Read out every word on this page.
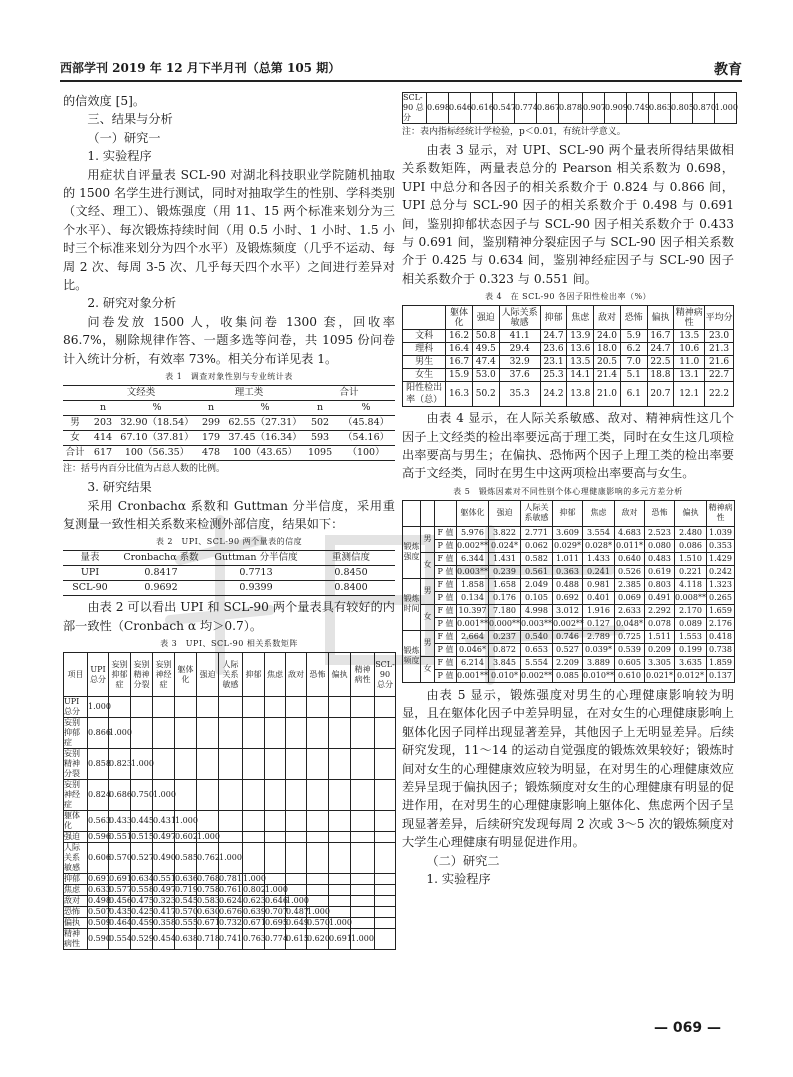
西部学刊 2019 年 12 月下半月刊（总第 105 期）	教育
的信效度 [5]。
三、结果与分析
（一）研究一
1. 实验程序
用症状自评量表 SCL-90 对湖北科技职业学院随机抽取的 1500 名学生进行测试，同时对抽取学生的性别、学科类别（文经、理工）、锻炼强度（用 11、15 两个标准来划分为三个水平）、每次锻炼持续时间（用 0.5 小时、1 小时、1.5 小时三个标准来划分为四个水平）及锻炼频度（几乎不运动、每周 2 次、每周 3-5 次、几乎每天四个水平）之间进行差异对比。
2. 研究对象分析
问卷发放 1500 人，收集问卷 1300 套，回收率 86.7%，剔除规律作答、一题多选等问卷，共 1095 份问卷计入统计分析，有效率 73%。相关分布详见表 1。
表 1　调查对象性别与专业统计表
	文经类		理工类		合计	
	n	%	n	%	n	%
男	203	32.90（18.54）	299	62.55（27.31）	502	（45.84）
女	414	67.10（37.81）	179	37.45（16.34）	593	（54.16）
合计	617	100（56.35）	478	100（43.65）	1095	（100）
注：括号内百分比值为占总人数的比例。
3. 研究结果
采用 Cronbachα 系数和 Guttman 分半信度，采用重复测量一致性相关系数来检测外部信度，结果如下：
表 2　UPI、SCL-90 两个量表的信度
量表	Cronbachα 系数	Guttman 分半信度	重测信度
UPI	0.8417	0.7713	0.8450
SCL-90	0.9692	0.9399	0.8400
由表 2 可以看出 UPI 和 SCL-90 两个量表具有较好的内部一致性（Cronbach α 均＞0.7）。
表 3　UPI、SCL-90 相关系数矩阵
项目	UPI 总分	妄别抑郁症	妄别精神分裂	妄别神经症	躯体化	强迫	人际关系敏感	抑郁	焦虑	敌对	恐怖	偏执	精神病性	SCL-90 总分
UPI 总分	1.000													
妄别抑郁症	0.866	1.000												
妄别精神分裂	0.858	0.823	1.000											
妄别神经症	0.824	0.686	0.750	1.000										
躯体化	0.563	0.433	0.445	0.431	1.000									
强迫	0.596	0.551	0.515	0.497	0.602	1.000								
人际关系敏感	0.606	0.570	0.527	0.490	0.585	0.762	1.000							
抑郁	0.691	0.691	0.634	0.551	0.636	0.768	0.781	1.000						
焦虑	0.633	0.577	0.558	0.497	0.719	0.758	0.761	0.802	1.000					
敌对	0.498	0.456	0.475	0.323	0.545	0.583	0.624	0.623	0.646	1.000				
恐怖	0.507	0.435	0.425	0.417	0.570	0.630	0.676	0.639	0.707	0.487	1.000			
偏执	0.509	0.464	0.459	0.358	0.555	0.671	0.732	0.671	0.695	0.649	0.570	1.000		
精神病性	0.590	0.554	0.529	0.454	0.638	0.718	0.741	0.763	0.774	0.615	0.620	0.691	1.000	
SCL-90 总分	0.698	0.646	0.616	0.547	0.774	0.867	0.878	0.907	0.909	0.749	0.863	0.805	0.870	1.000
注：表内指标经统计学检验，p＜0.01，有统计学意义。
由表 3 显示，对 UPI、SCL-90 两个量表所得结果做相关系数矩阵，两量表总分的 Pearson 相关系数为 0.698，UPI 中总分和各因子的相关系数介于 0.824 与 0.866 间，UPI 总分与 SCL-90 因子的相关系数介于 0.498 与 0.691 间，鉴别抑郁状态因子与 SCL-90 因子相关系数介于 0.433 与 0.691 间，鉴别精神分裂症因子与 SCL-90 因子相关系数介于 0.425 与 0.634 间，鉴别神经症因子与 SCL-90 因子相关系数介于 0.323 与 0.551 间。
表 4　在 SCL-90 各因子阳性检出率（%）
	躯体化	强迫	人际关系敏感	抑郁	焦虑	敌对	恐怖	偏执	精神病性	平均分
文科	16.2	50.8	41.1	24.7	13.9	24.0	5.9	16.7	13.5	23.0
理科	16.4	49.5	29.4	23.6	13.6	18.0	6.2	24.7	10.6	21.3
男生	16.7	47.4	32.9	23.1	13.5	20.5	7.0	22.5	11.0	21.6
女生	15.9	53.0	37.6	25.3	14.1	21.4	5.1	18.8	13.1	22.7
阳性检出率（总）	16.3	50.2	35.3	24.2	13.8	21.0	6.1	20.7	12.1	22.2
由表 4 显示，在人际关系敏感、敌对、精神病性这几个因子上文经类的检出率要远高于理工类，同时在女生这几项检出率要高与男生；在偏执、恐怖两个因子上理工类的检出率要高于文经类，同时在男生中这两项检出率要高与女生。
表 5　锻炼因素对不同性别个体心理健康影响的多元方差分析
			躯体化	强迫	人际关系敏感	抑郁	焦虑	敌对	恐怖	偏执	精神病性
锻炼强度	男	F 值	5.976	3.822	2.771	3.609	3.554	4.683	2.523	2.480	1.039
		P 值	0.002**	0.024*	0.062	0.029*	0.028*	0.011*	0.080	0.086	0.353
	女	F 值	6.344	1.431	0.582	1.011	1.433	0.640	0.483	1.510	1.429
		P 值	0.003**	0.239	0.561	0.363	0.241	0.526	0.619	0.221	0.242
锻炼时间	男	F 值	1.858	1.658	2.049	0.488	0.981	2.385	0.803	4.118	1.323
		P 值	0.134	0.176	0.105	0.692	0.401	0.069	0.491	0.008**	0.265
	女	F 值	10.397	7.180	4.998	3.012	1.916	2.633	2.292	2.170	1.659
		P 值	0.001**	0.000**	0.003**	0.002**	0.127	0.048*	0.078	0.089	2.176
锻炼频度	男	F 值	2.664	0.237	0.540	0.746	2.789	0.725	1.511	1.553	0.418
		P 值	0.046*	0.872	0.653	0.527	0.039*	0.539	0.209	0.199	0.738
	女	F 值	6.214	3.845	5.554	2.209	3.889	0.605	3.305	3.635	1.859
		P 值	0.001**	0.010*	0.002**	0.085	0.010**	0.610	0.021*	0.012*	0.137
由表 5 显示，锻炼强度对男生的心理健康影响较为明显，且在躯体化因子中差异明显，在对女生的心理健康影响上躯体化因子同样出现显著差异，其他因子上无明显差异。后续研究发现，11～14 的运动自觉强度的锻炼效果较好；锻炼时间对女生的心理健康效应较为明显，在对男生的心理健康效应差异呈现于偏执因子；锻炼频度对女生的心理健康有明显的促进作用，在对男生的心理健康影响上躯体化、焦虑两个因子呈现显著差异，后续研究发现每周 2 次或 3～5 次的锻炼频度对大学生心理健康有明显促进作用。
（二）研究二
1. 实验程序
— 069 —
